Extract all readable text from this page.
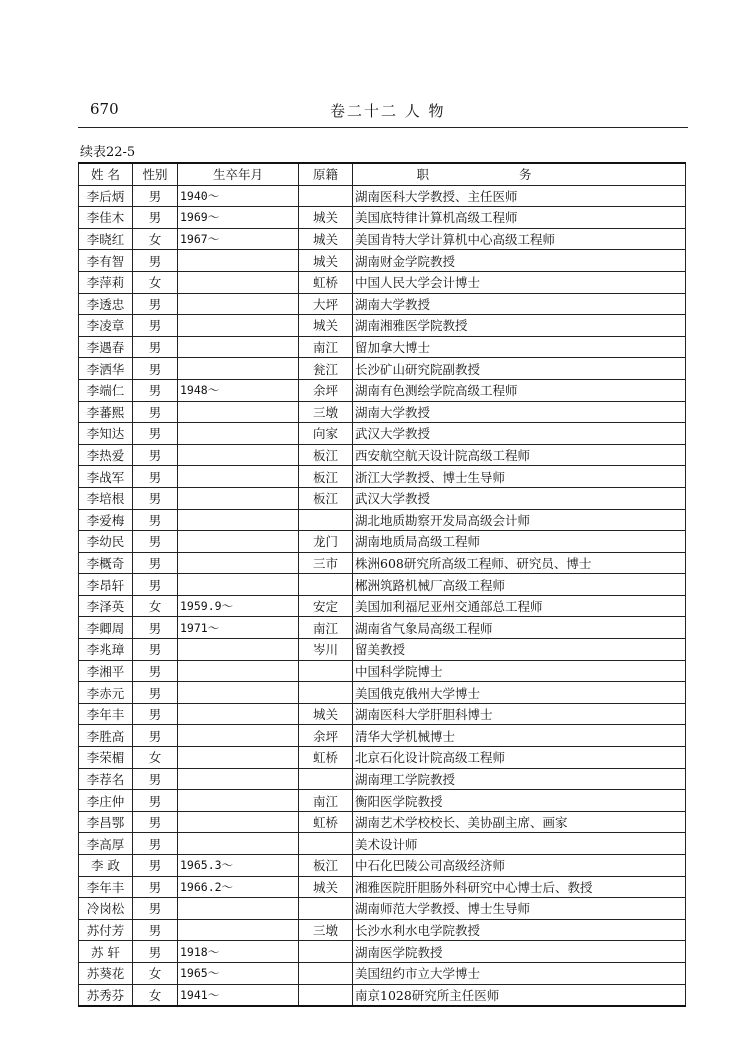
670	卷二十二 人 物
续表22-5
姓 名	性别	生卒年月	原籍	职务
李后炳	男	1940～		湖南医科大学教授、主任医师
李佳木	男	1969～	城关	美国底特律计算机高级工程师
李晓红	女	1967～	城关	美国肯特大学计算机中心高级工程师
李有智	男		城关	湖南财金学院教授
李萍莉	女		虹桥	中国人民大学会计博士
李透忠	男		大坪	湖南大学教授
李凌章	男		城关	湖南湘雅医学院教授
李遇春	男		南江	留加拿大博士
李洒华	男		瓮江	长沙矿山研究院副教授
李端仁	男	1948～	余坪	湖南有色测绘学院高级工程师
李蕃熙	男		三墩	湖南大学教授
李知达	男		向家	武汉大学教授
李热爱	男		板江	西安航空航天设计院高级工程师
李战军	男		板江	浙江大学教授、博士生导师
李培根	男		板江	武汉大学教授
李爱梅	男			湖北地质勘察开发局高级会计师
李幼民	男		龙门	湖南地质局高级工程师
李概奇	男		三市	株洲608研究所高级工程师、研究员、博士
李昂轩	男			郴洲筑路机械厂高级工程师
李泽英	女	1959.9～	安定	美国加利福尼亚州交通部总工程师
李卿周	男	1971～	南江	湖南省气象局高级工程师
李兆璋	男		岑川	留美教授
李湘平	男			中国科学院博士
李赤元	男			美国俄克俄州大学博士
李年丰	男		城关	湖南医科大学肝胆科博士
李胜高	男		余坪	清华大学机械博士
李荣楣	女		虹桥	北京石化设计院高级工程师
李荐名	男			湖南理工学院教授
李庄仲	男		南江	衡阳医学院教授
李昌鄂	男		虹桥	湖南艺术学校校长、美协副主席、画家
李高厚	男			美术设计师
李 政	男	1965.3～	板江	中石化巴陵公司高级经济师
李年丰	男	1966.2～	城关	湘雅医院肝胆肠外科研究中心博士后、教授
冷岗松	男			湖南师范大学教授、博士生导师
苏付芳	男		三墩	长沙水利水电学院教授
苏 轩	男	1918～		湖南医学院教授
苏葵花	女	1965～		美国纽约市立大学博士
苏秀芬	女	1941～		南京1028研究所主任医师
